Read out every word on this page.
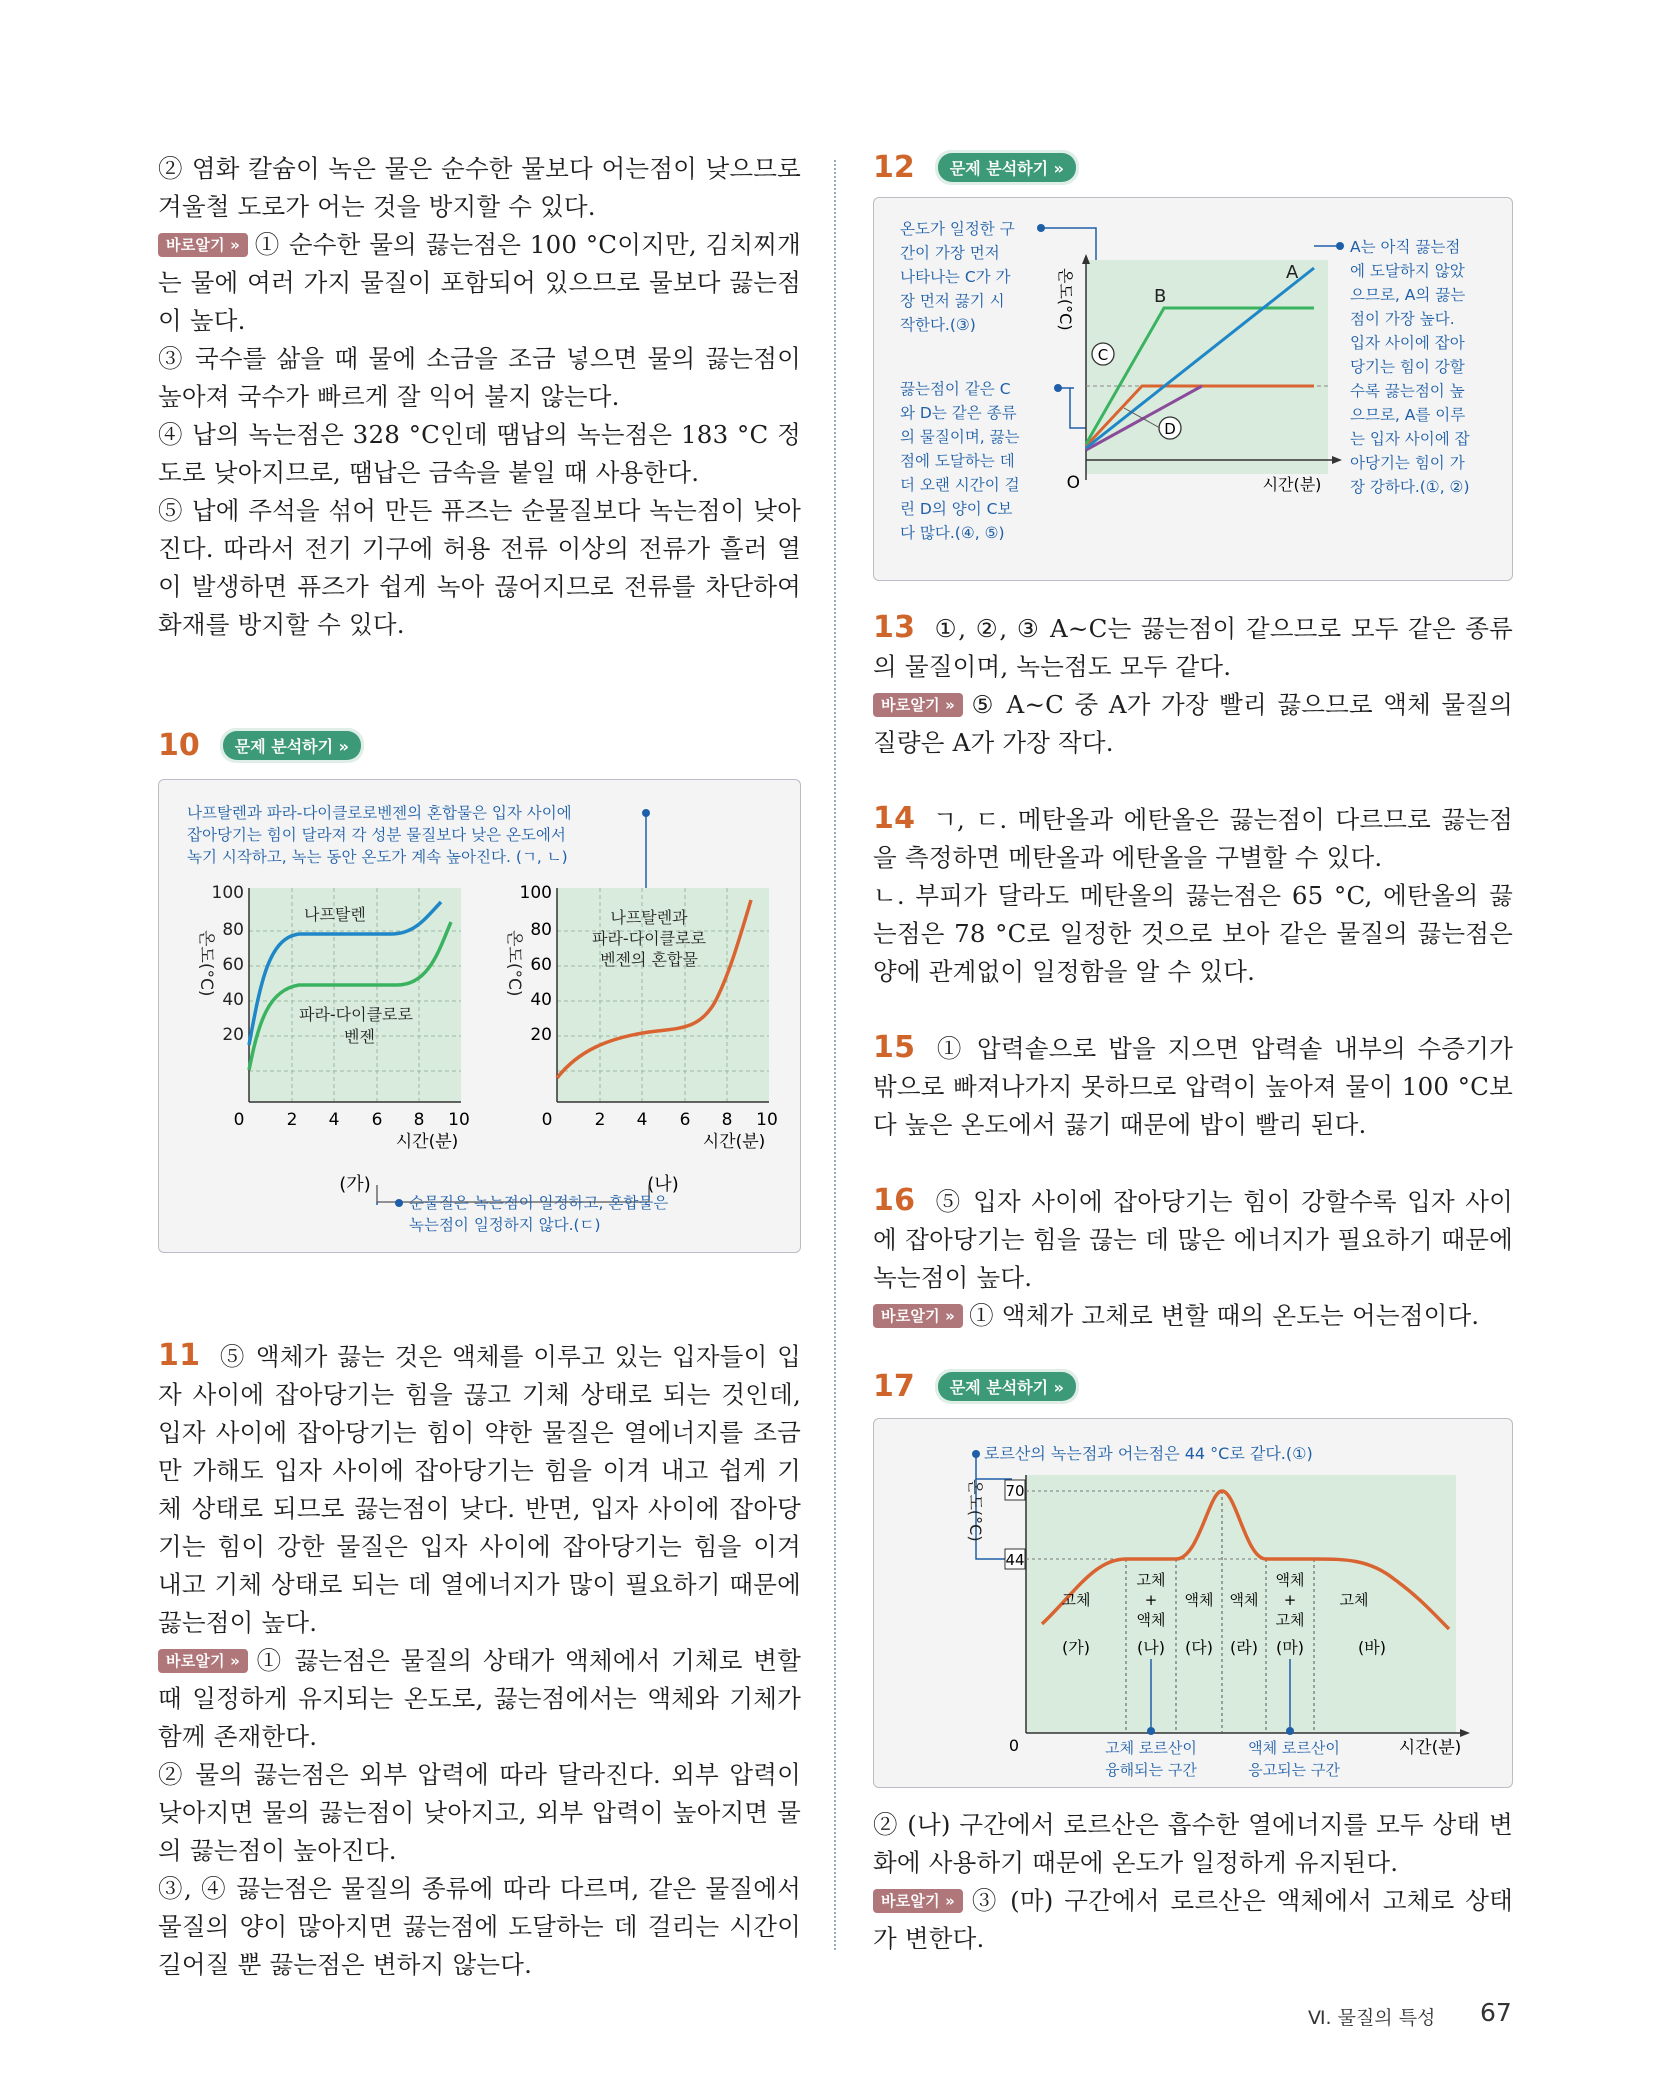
② 염화 칼슘이 녹은 물은 순수한 물보다 어는점이 낮으므로 겨울철 도로가 어는 것을 방지할 수 있다.

바로알기 » ① 순수한 물의 끓는점은 100 °C이지만, 김치찌개는 물에 여러 가지 물질이 포함되어 있으므로 물보다 끓는점이 높다.

③ 국수를 삶을 때 물에 소금을 조금 넣으면 물의 끓는점이 높아져 국수가 빠르게 잘 익어 불지 않는다.

④ 납의 녹는점은 328 °C인데 땜납의 녹는점은 183 °C 정도로 낮아지므로, 땜납은 금속을 붙일 때 사용한다.

⑤ 납에 주석을 섞어 만든 퓨즈는 순물질보다 녹는점이 낮아진다. 따라서 전기 기구에 허용 전류 이상의 전류가 흘러 열이 발생하면 퓨즈가 쉽게 녹아 끊어지므로 전류를 차단하여 화재를 방지할 수 있다.

10	문제 분석하기 »
나프탈렌과 파라-다이클로로벤젠의 혼합물은 입자 사이에
잡아당기는 힘이 달라져 각 성분 물질보다 낮은 온도에서
녹기 시작하고, 녹는 동안 온도가 계속 높아진다. (ㄱ, ㄴ)
나프탈렌
파라-다이클로로
벤젠
온도(°C)
100
80
60
40
20
0 2 4 6 8 10
시간(분)
(가)
나프탈렌과
파라-다이클로로
벤젠의 혼합물
온도(°C)
100
80
60
40
20
0 2 4 6 8 10
시간(분)
(나)
순물질은 녹는점이 일정하고, 혼합물은
녹는점이 일정하지 않다.(ㄷ)

11 ⑤ 액체가 끓는 것은 액체를 이루고 있는 입자들이 입자 사이에 잡아당기는 힘을 끊고 기체 상태로 되는 것인데, 입자 사이에 잡아당기는 힘이 약한 물질은 열에너지를 조금만 가해도 입자 사이에 잡아당기는 힘을 이겨 내고 쉽게 기체 상태로 되므로 끓는점이 낮다. 반면, 입자 사이에 잡아당기는 힘이 강한 물질은 입자 사이에 잡아당기는 힘을 이겨 내고 기체 상태로 되는 데 열에너지가 많이 필요하기 때문에 끓는점이 높다.

바로알기 » ① 끓는점은 물질의 상태가 액체에서 기체로 변할 때 일정하게 유지되는 온도로, 끓는점에서는 액체와 기체가 함께 존재한다.

② 물의 끓는점은 외부 압력에 따라 달라진다. 외부 압력이 낮아지면 물의 끓는점이 낮아지고, 외부 압력이 높아지면 물의 끓는점이 높아진다.

③, ④ 끓는점은 물질의 종류에 따라 다르며, 같은 물질에서 물질의 양이 많아지면 끓는점에 도달하는 데 걸리는 시간이 길어질 뿐 끓는점은 변하지 않는다.

12	문제 분석하기 »
온도가 일정한 구
간이 가장 먼저
나타나는 C가 가
장 먼저 끓기 시
작한다.(③)
끓는점이 같은 C
와 D는 같은 종류
의 물질이며, 끓는
점에 도달하는 데
더 오랜 시간이 걸
린 D의 양이 C보
다 많다.(④, ⑤)
O	시간(분)
온도(°C)	A
B
C
D
A는 아직 끓는점
에 도달하지 않았
으므로, A의 끓는
점이 가장 높다.
입자 사이에 잡아
당기는 힘이 강할
수록 끓는점이 높
으므로, A를 이루
는 입자 사이에 잡
아당기는 힘이 가
장 강하다.(①, ②)

13 ①, ②, ③ A~C는 끓는점이 같으므로 모두 같은 종류의 물질이며, 녹는점도 모두 같다.

바로알기 » ⑤ A~C 중 A가 가장 빨리 끓으므로 액체 물질의 질량은 A가 가장 작다.

14 ㄱ, ㄷ. 메탄올과 에탄올은 끓는점이 다르므로 끓는점을 측정하면 메탄올과 에탄올을 구별할 수 있다.

ㄴ. 부피가 달라도 메탄올의 끓는점은 65 °C, 에탄올의 끓는점은 78 °C로 일정한 것으로 보아 같은 물질의 끓는점은 양에 관계없이 일정함을 알 수 있다.

15 ① 압력솥으로 밥을 지으면 압력솥 내부의 수증기가 밖으로 빠져나가지 못하므로 압력이 높아져 물이 100 °C보다 높은 온도에서 끓기 때문에 밥이 빨리 된다.

16 ⑤ 입자 사이에 잡아당기는 힘이 강할수록 입자 사이에 잡아당기는 힘을 끊는 데 많은 에너지가 필요하기 때문에 녹는점이 높다.

바로알기 » ① 액체가 고체로 변할 때의 온도는 어는점이다.

17	문제 분석하기 »
로르산의 녹는점과 어는점은 44 °C로 같다.(①)
온도(°C) 70
44
0	시간(분)
고체
고체
+
액체
액체 액체
액체
+
고체
고체
(가)	(나) (다) (라) (마)	(바)
고체 로르산이
융해되는 구간
액체 로르산이
응고되는 구간

② (나) 구간에서 로르산은 흡수한 열에너지를 모두 상태 변화에 사용하기 때문에 온도가 일정하게 유지된다.

바로알기 » ③ (마) 구간에서 로르산은 액체에서 고체로 상태가 변한다.

Ⅵ. 물질의 특성 67
